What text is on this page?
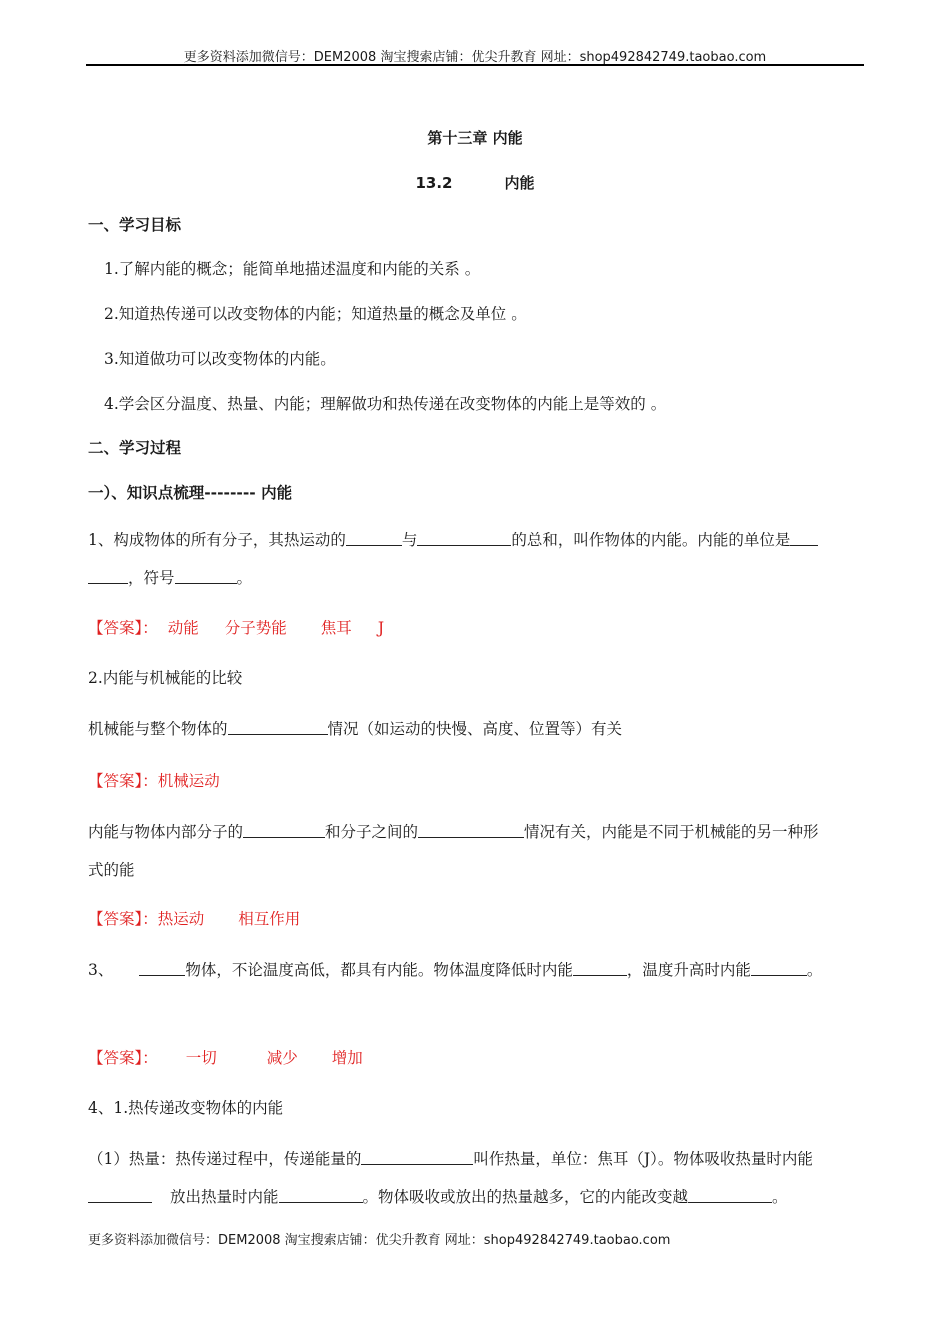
更多资料添加微信号：DEM2008 淘宝搜索店铺：优尖升教育 网址：shop492842749.taobao.com
第十三章 内能
13.2	内能
一、学习目标
1.了解内能的概念；能简单地描述温度和内能的关系 。
2.知道热传递可以改变物体的内能；知道热量的概念及单位 。
3.知道做功可以改变物体的内能。
4.学会区分温度、热量、内能；理解做功和热传递在改变物体的内能上是等效的 。
二、学习过程
一）、知识点梳理-------- 内能
1、构成物体的所有分子，其热运动的	与	的总和，叫作物体的内能。内能的单位是
，符号	。
【答案】： 动能 分子势能 焦耳 J
2.内能与机械能的比较
机械能与整个物体的	情况（如运动的快慢、高度、位置等）有关
【答案】：机械运动
内能与物体内部分子的	和分子之间的	情况有关，内能是不同于机械能的另一种形
式的能
【答案】：热运动 相互作用
3、	物体，不论温度高低，都具有内能。物体温度降低时内能	，温度升高时内能	。
【答案】： 一切	减少 增加
4、1.热传递改变物体的内能
（1）热量：热传递过程中，传递能量的	叫作热量，单位：焦耳（J）。物体吸收热量时内能
放出热量时内能	。物体吸收或放出的热量越多，它的内能改变越	。
更多资料添加微信号：DEM2008 淘宝搜索店铺：优尖升教育 网址：shop492842749.taobao.com
